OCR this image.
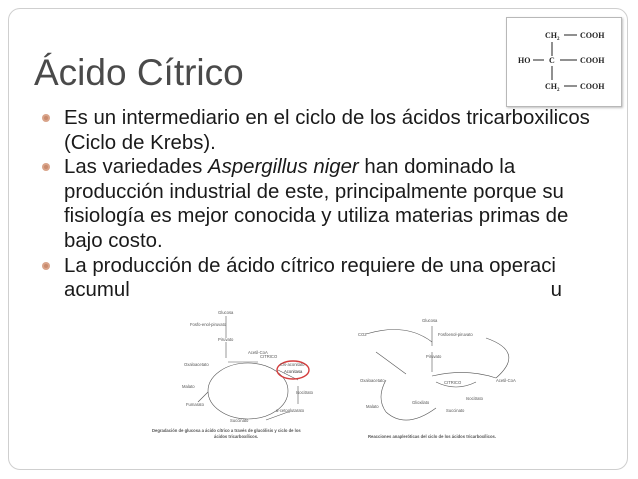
Ácido Cítrico
$CH_2$	COOH
HO C	COOH
$CH_2$	COOH
Es un intermediario en el ciclo de los ácidos tricarboxilicos (Ciclo de Krebs).
Las variedades Aspergillus niger han dominado la producción industrial de este, principalmente porque su fisiología es mejor conocida y utiliza materias primas de bajo costo.
La producción de ácido cítrico requiere de una operaci
u

acumul
Glucosa
Fosfo-enol-piruvato
Piruvato
Acetil-CoA
Oxaloacetato
CITRICO
Cis-aconitato
Aconitasa
Isocitrato
Malato
Fumarato
Succinato
α-cetoglutarato
Degradación de glucosa a ácido cítrico a través de glucólisis y ciclo de los
ácidos tricarboxílicos.
Glucosa
CO2	Fosfoenol-piruvato
Piruvato
Oxaloacetato	CITRICO	Acetil-CoA
Glioxilato
Succinato
Malato
Isocitrato
Reacciones anapleróticas del ciclo de los ácidos tricarboxílicos.
